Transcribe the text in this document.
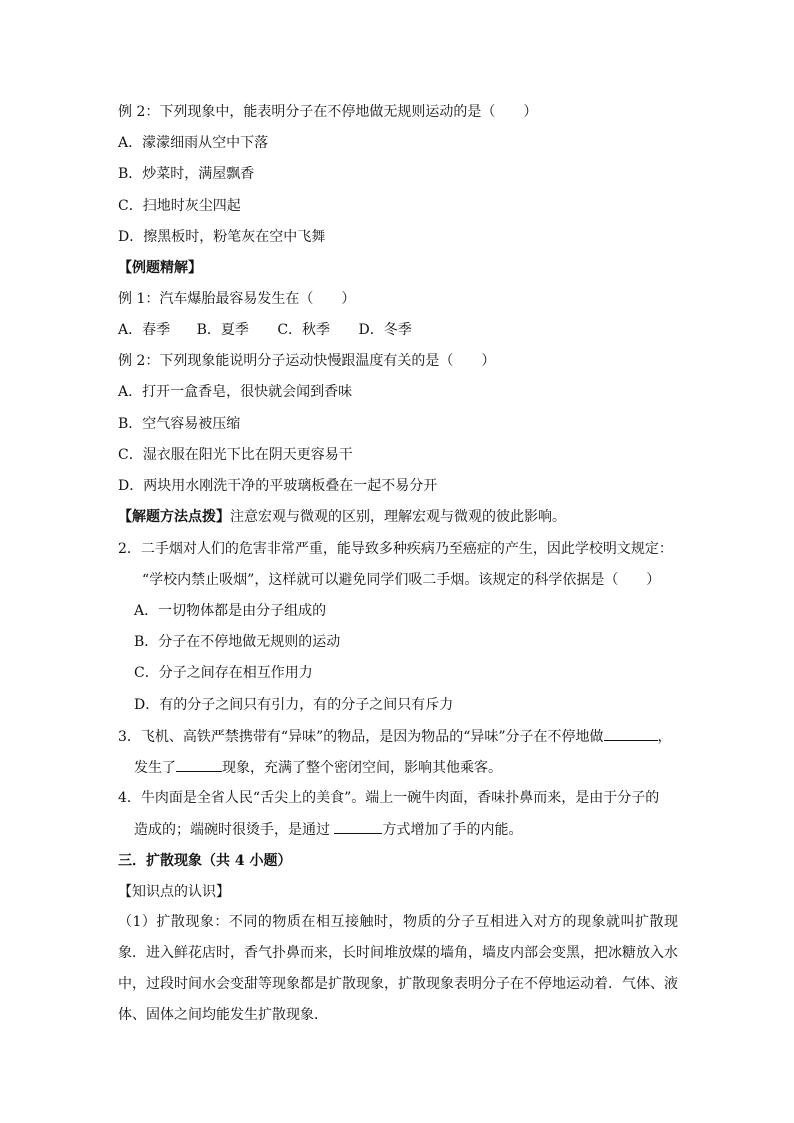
例 2：下列现象中，能表明分子在不停地做无规则运动的是（　　）
A．濛濛细雨从空中下落
B．炒菜时，满屋飘香
C．扫地时灰尘四起
D．擦黑板时，粉笔灰在空中飞舞
【例题精解】
例 1：汽车爆胎最容易发生在（　　）
A．春季 B．夏季 C．秋季 D．冬季
例 2：下列现象能说明分子运动快慢跟温度有关的是（　　）
A．打开一盒香皂，很快就会闻到香味
B．空气容易被压缩
C．湿衣服在阳光下比在阴天更容易干
D．两块用水刚洗干净的平玻璃板叠在一起不易分开
【解题方法点拨】注意宏观与微观的区别，理解宏观与微观的彼此影响。
2．二手烟对人们的危害非常严重，能导致多种疾病乃至癌症的产生，因此学校明文规定：
“学校内禁止吸烟”，这样就可以避免同学们吸二手烟。该规定的科学依据是（　　）
A．一切物体都是由分子组成的
B．分子在不停地做无规则的运动
C．分子之间存在相互作用力
D．有的分子之间只有引力，有的分子之间只有斥力
3．飞机、高铁严禁携带有“异味”的物品，是因为物品的“异味”分子在不停地做	，
发生了	现象，充满了整个密闭空间，影响其他乘客。
4．牛肉面是全省人民“舌尖上的美食”。端上一碗牛肉面，香味扑鼻而来，是由于分子的
造成的；端碗时很烫手，是通过	方式增加了手的内能。
三．扩散现象（共 4 小题）
【知识点的认识】
（1）扩散现象：不同的物质在相互接触时，物质的分子互相进入对方的现象就叫扩散现象．进入鲜花店时，香气扑鼻而来，长时间堆放煤的墙角，墙皮内部会变黑，把冰糖放入水中，过段时间水会变甜等现象都是扩散现象，扩散现象表明分子在不停地运动着．气体、液体、固体之间均能发生扩散现象．
